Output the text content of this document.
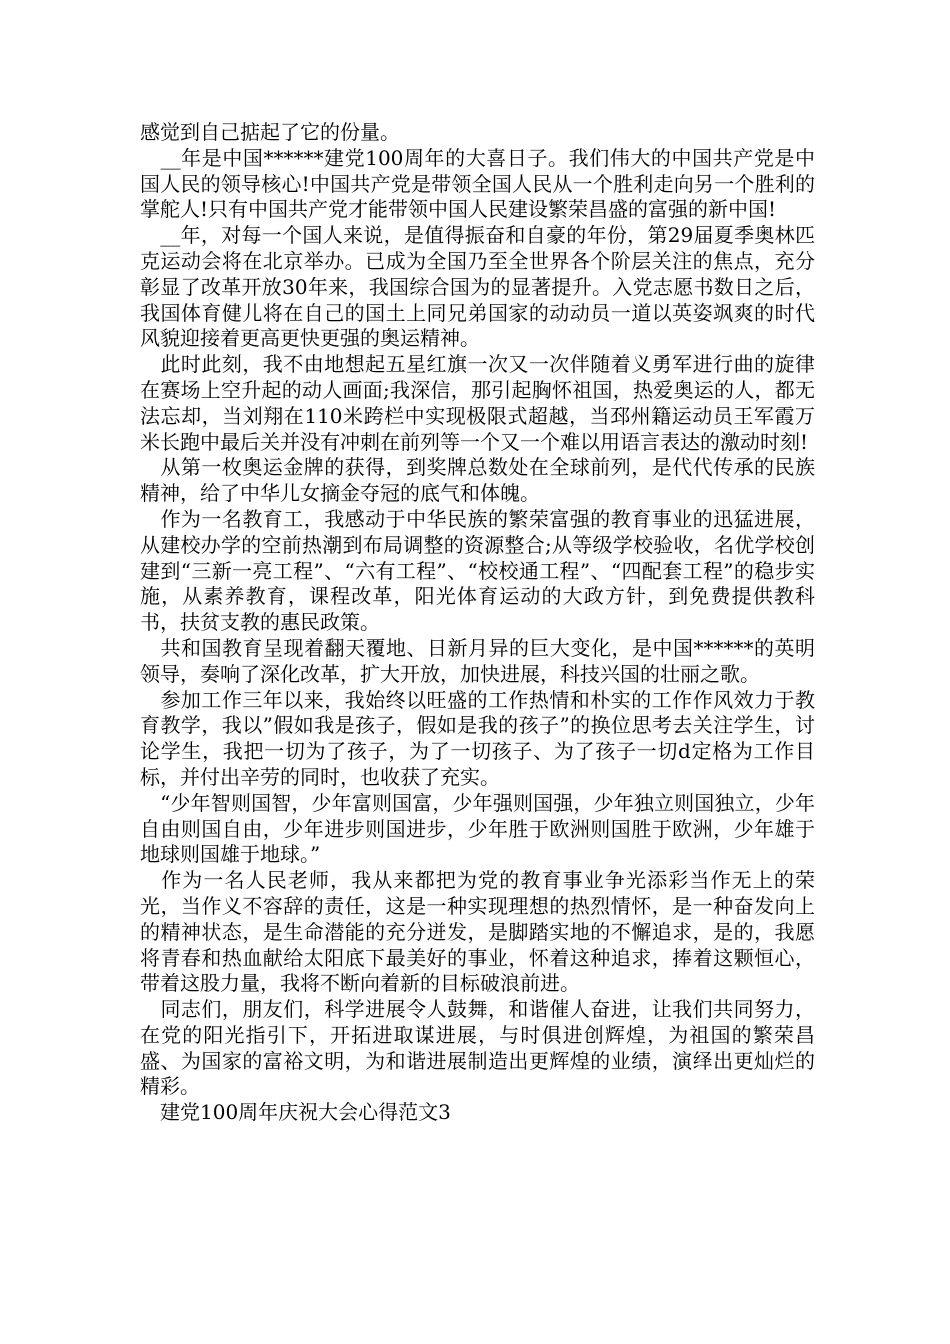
感觉到自己掂起了它的份量。

　__年是中国******建党100周年的大喜日子。我们伟大的中国共产党是中国人民的领导核心!中国共产党是带领全国人民从一个胜利走向另一个胜利的掌舵人!只有中国共产党才能带领中国人民建设繁荣昌盛的富强的新中国!

　__年，对每一个国人来说，是值得振奋和自豪的年份，第29届夏季奥林匹克运动会将在北京举办。已成为全国乃至全世界各个阶层关注的焦点，充分彰显了改革开放30年来，我国综合国为的显著提升。入党志愿书数日之后，我国体育健儿将在自己的国土上同兄弟国家的动动员一道以英姿飒爽的时代风貌迎接着更高更快更强的奥运精神。

　此时此刻，我不由地想起五星红旗一次又一次伴随着义勇军进行曲的旋律在赛场上空升起的动人画面;我深信，那引起胸怀祖国，热爱奥运的人，都无法忘却，当刘翔在110米跨栏中实现极限式超越，当邳州籍运动员王军霞万米长跑中最后关并没有冲刺在前列等一个又一个难以用语言表达的激动时刻!

　从第一枚奥运金牌的获得，到奖牌总数处在全球前列，是代代传承的民族精神，给了中华儿女摘金夺冠的底气和体魄。

　作为一名教育工，我感动于中华民族的繁荣富强的教育事业的迅猛进展，从建校办学的空前热潮到布局调整的资源整合;从等级学校验收，名优学校创建到“三新一亮工程”、“六有工程”、“校校通工程”、“四配套工程”的稳步实施，从素养教育，课程改革，阳光体育运动的大政方针，到免费提供教科书，扶贫支教的惠民政策。

　共和国教育呈现着翻天覆地、日新月异的巨大变化，是中国******的英明领导，奏响了深化改革，扩大开放，加快进展，科技兴国的壮丽之歌。

　参加工作三年以来，我始终以旺盛的工作热情和朴实的工作作风效力于教育教学，我以”假如我是孩子，假如是我的孩子”的换位思考去关注学生，讨论学生，我把一切为了孩子，为了一切孩子、为了孩子一切d定格为工作目标，并付出辛劳的同时，也收获了充实。

　“少年智则国智，少年富则国富，少年强则国强，少年独立则国独立，少年自由则国自由，少年进步则国进步，少年胜于欧洲则国胜于欧洲，少年雄于地球则国雄于地球。”

　作为一名人民老师，我从来都把为党的教育事业争光添彩当作无上的荣光，当作义不容辞的责任，这是一种实现理想的热烈情怀，是一种奋发向上的精神状态，是生命潜能的充分迸发，是脚踏实地的不懈追求，是的，我愿将青春和热血献给太阳底下最美好的事业，怀着这种追求，捧着这颗恒心，带着这股力量，我将不断向着新的目标破浪前进。

　同志们，朋友们，科学进展令人鼓舞，和谐催人奋进，让我们共同努力，在党的阳光指引下，开拓进取谋进展，与时俱进创辉煌，为祖国的繁荣昌盛、为国家的富裕文明，为和谐进展制造出更辉煌的业绩，演绎出更灿烂的精彩。

　建党100周年庆祝大会心得范文3
